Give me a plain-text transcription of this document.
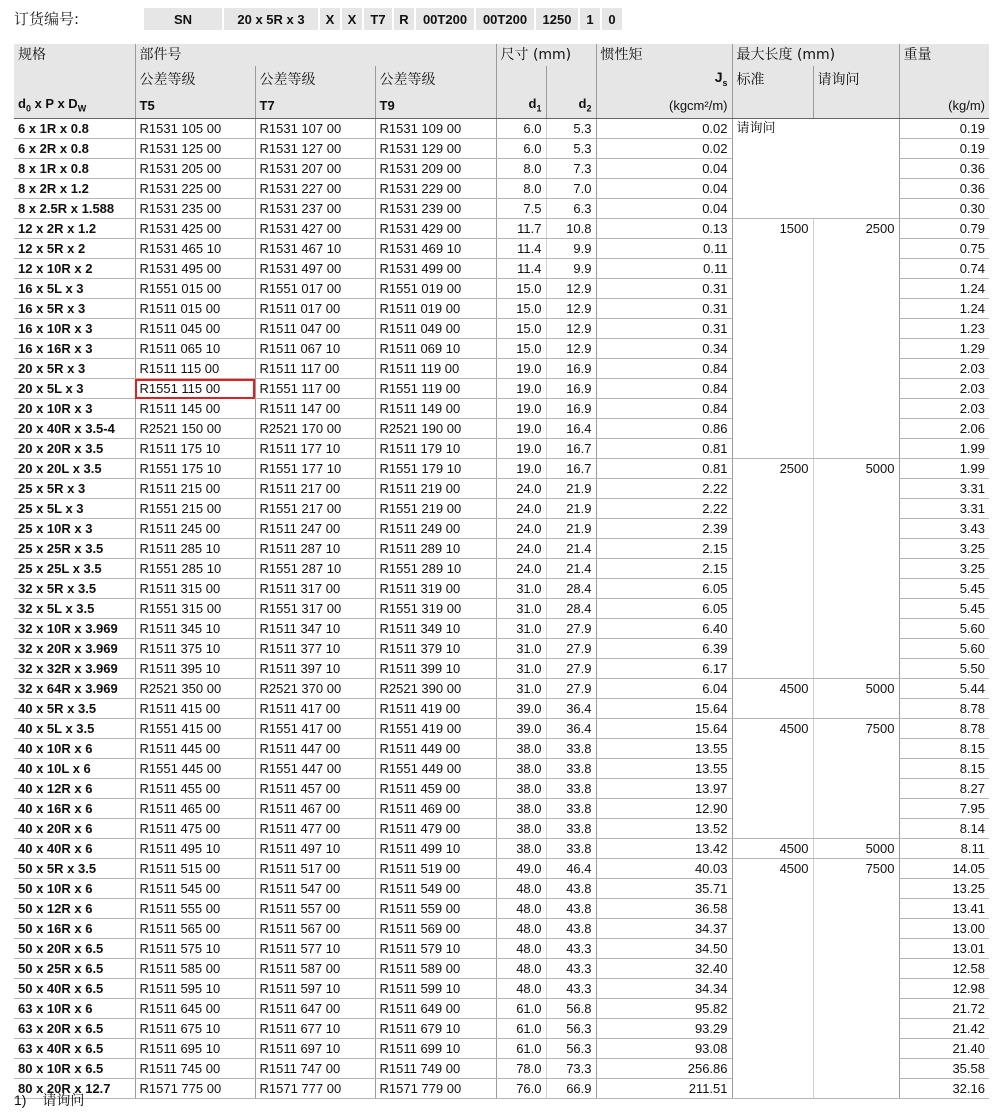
订货编号:	SN	20 x 5R x 3	X	X	T7	R	00T200	00T200	1250	1	0
规格	部件号			尺寸 (mm)		惯性矩	最大长度 (mm)		重量
	公差等级	公差等级	公差等级			$J_s$	标准	请询问	
$d_0$ x P x $D_W$	T5	T7	T9	$d_1$	$d_2$	(kgcm²/m)			(kg/m)
6 x 1R x 0.8	R1531 105 00	R1531 107 00	R1531 109 00	6.0	5.3	0.02	请询问		0.19
6 x 2R x 0.8	R1531 125 00	R1531 127 00	R1531 129 00	6.0	5.3	0.02			0.19
8 x 1R x 0.8	R1531 205 00	R1531 207 00	R1531 209 00	8.0	7.3	0.04			0.36
8 x 2R x 1.2	R1531 225 00	R1531 227 00	R1531 229 00	8.0	7.0	0.04			0.36
8 x 2.5R x 1.588	R1531 235 00	R1531 237 00	R1531 239 00	7.5	6.3	0.04			0.30
12 x 2R x 1.2	R1531 425 00	R1531 427 00	R1531 429 00	11.7	10.8	0.13	1500	2500	0.79
12 x 5R x 2	R1531 465 10	R1531 467 10	R1531 469 10	11.4	9.9	0.11			0.75
12 x 10R x 2	R1531 495 00	R1531 497 00	R1531 499 00	11.4	9.9	0.11			0.74
16 x 5L x 3	R1551 015 00	R1551 017 00	R1551 019 00	15.0	12.9	0.31			1.24
16 x 5R x 3	R1511 015 00	R1511 017 00	R1511 019 00	15.0	12.9	0.31			1.24
16 x 10R x 3	R1511 045 00	R1511 047 00	R1511 049 00	15.0	12.9	0.31			1.23
16 x 16R x 3	R1511 065 10	R1511 067 10	R1511 069 10	15.0	12.9	0.34			1.29
20 x 5R x 3	R1511 115 00	R1511 117 00	R1511 119 00	19.0	16.9	0.84			2.03
20 x 5L x 3	R1551 115 00	R1551 117 00	R1551 119 00	19.0	16.9	0.84			2.03
20 x 10R x 3	R1511 145 00	R1511 147 00	R1511 149 00	19.0	16.9	0.84			2.03
20 x 40R x 3.5-4	R2521 150 00	R2521 170 00	R2521 190 00	19.0	16.4	0.86			2.06
20 x 20R x 3.5	R1511 175 10	R1511 177 10	R1511 179 10	19.0	16.7	0.81			1.99
20 x 20L x 3.5	R1551 175 10	R1551 177 10	R1551 179 10	19.0	16.7	0.81	2500	5000	1.99
25 x 5R x 3	R1511 215 00	R1511 217 00	R1511 219 00	24.0	21.9	2.22			3.31
25 x 5L x 3	R1551 215 00	R1551 217 00	R1551 219 00	24.0	21.9	2.22			3.31
25 x 10R x 3	R1511 245 00	R1511 247 00	R1511 249 00	24.0	21.9	2.39			3.43
25 x 25R x 3.5	R1511 285 10	R1511 287 10	R1511 289 10	24.0	21.4	2.15			3.25
25 x 25L x 3.5	R1551 285 10	R1551 287 10	R1551 289 10	24.0	21.4	2.15			3.25
32 x 5R x 3.5	R1511 315 00	R1511 317 00	R1511 319 00	31.0	28.4	6.05			5.45
32 x 5L x 3.5	R1551 315 00	R1551 317 00	R1551 319 00	31.0	28.4	6.05			5.45
32 x 10R x 3.969	R1511 345 10	R1511 347 10	R1511 349 10	31.0	27.9	6.40			5.60
32 x 20R x 3.969	R1511 375 10	R1511 377 10	R1511 379 10	31.0	27.9	6.39			5.60
32 x 32R x 3.969	R1511 395 10	R1511 397 10	R1511 399 10	31.0	27.9	6.17			5.50
32 x 64R x 3.969	R2521 350 00	R2521 370 00	R2521 390 00	31.0	27.9	6.04	4500	5000	5.44
40 x 5R x 3.5	R1511 415 00	R1511 417 00	R1511 419 00	39.0	36.4	15.64			8.78
40 x 5L x 3.5	R1551 415 00	R1551 417 00	R1551 419 00	39.0	36.4	15.64	4500	7500	8.78
40 x 10R x 6	R1511 445 00	R1511 447 00	R1511 449 00	38.0	33.8	13.55			8.15
40 x 10L x 6	R1551 445 00	R1551 447 00	R1551 449 00	38.0	33.8	13.55			8.15
40 x 12R x 6	R1511 455 00	R1511 457 00	R1511 459 00	38.0	33.8	13.97			8.27
40 x 16R x 6	R1511 465 00	R1511 467 00	R1511 469 00	38.0	33.8	12.90			7.95
40 x 20R x 6	R1511 475 00	R1511 477 00	R1511 479 00	38.0	33.8	13.52			8.14
40 x 40R x 6	R1511 495 10	R1511 497 10	R1511 499 10	38.0	33.8	13.42	4500	5000	8.11
50 x 5R x 3.5	R1511 515 00	R1511 517 00	R1511 519 00	49.0	46.4	40.03	4500	7500	14.05
50 x 10R x 6	R1511 545 00	R1511 547 00	R1511 549 00	48.0	43.8	35.71			13.25
50 x 12R x 6	R1511 555 00	R1511 557 00	R1511 559 00	48.0	43.8	36.58			13.41
50 x 16R x 6	R1511 565 00	R1511 567 00	R1511 569 00	48.0	43.8	34.37			13.00
50 x 20R x 6.5	R1511 575 10	R1511 577 10	R1511 579 10	48.0	43.3	34.50			13.01
50 x 25R x 6.5	R1511 585 00	R1511 587 00	R1511 589 00	48.0	43.3	32.40			12.58
50 x 40R x 6.5	R1511 595 10	R1511 597 10	R1511 599 10	48.0	43.3	34.34			12.98
63 x 10R x 6	R1511 645 00	R1511 647 00	R1511 649 00	61.0	56.8	95.82			21.72
63 x 20R x 6.5	R1511 675 10	R1511 677 10	R1511 679 10	61.0	56.3	93.29			21.42
63 x 40R x 6.5	R1511 695 10	R1511 697 10	R1511 699 10	61.0	56.3	93.08			21.40
80 x 10R x 6.5	R1511 745 00	R1511 747 00	R1511 749 00	78.0	73.3	256.86			35.58
80 x 20R x 12.7	R1571 775 00	R1571 777 00	R1571 779 00	76.0	66.9	211.51			32.16
1) 请询问
